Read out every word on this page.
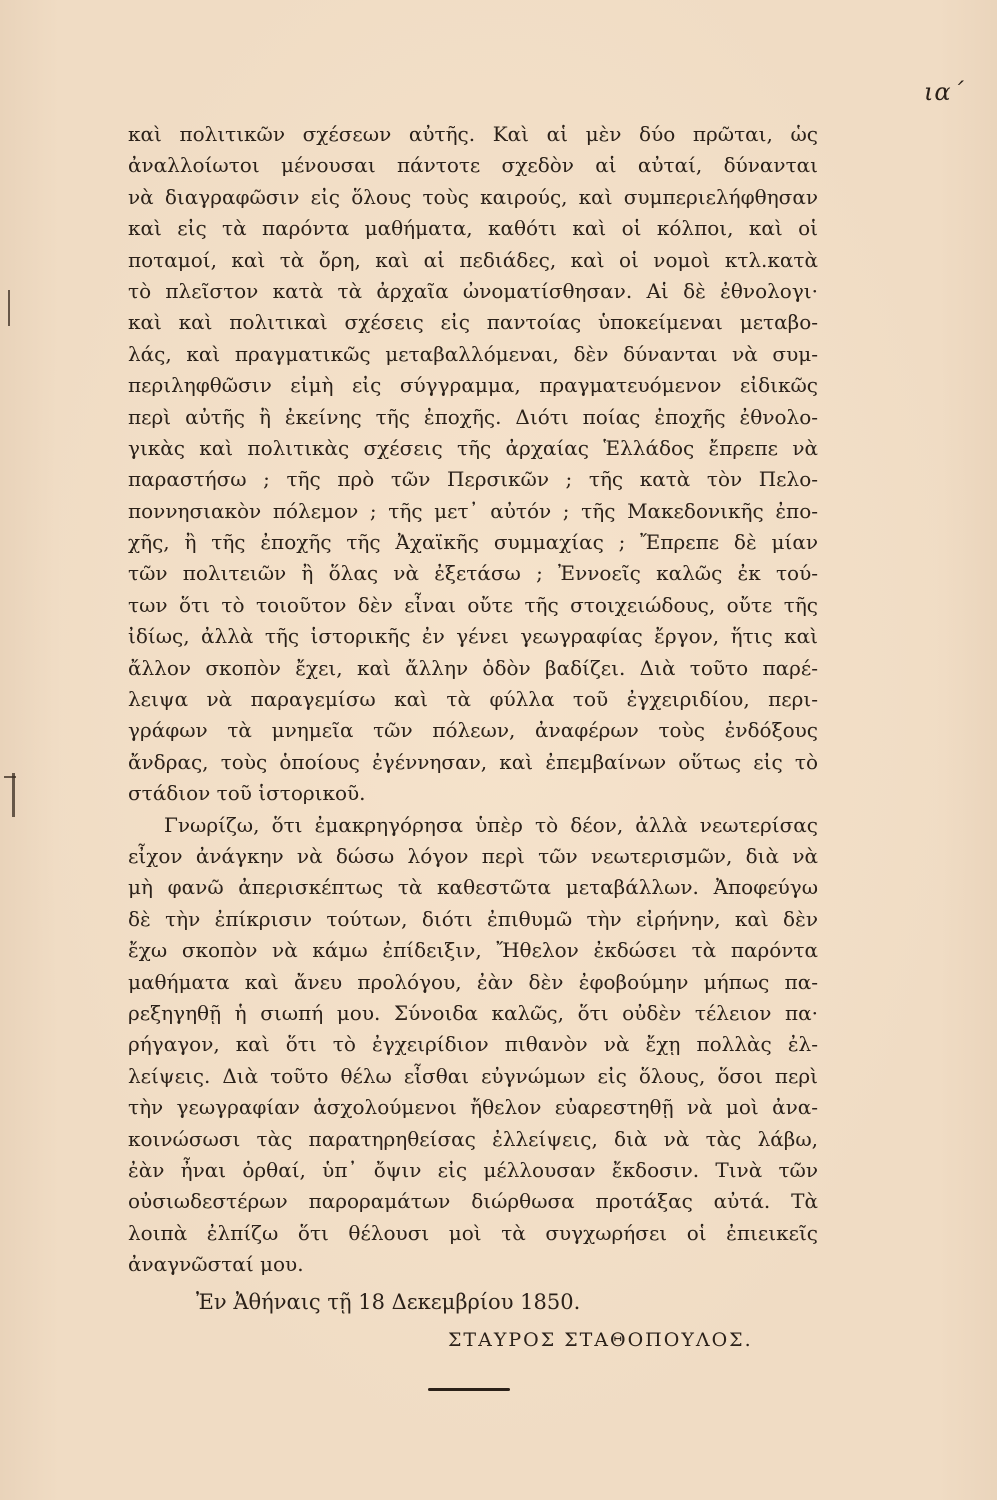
ια΄
καὶ πολιτικῶν σχέσεων αὐτῆς. Καὶ αἱ μὲν δύο πρῶται, ὡς
ἀναλλοίωτοι μένουσαι πάντοτε σχεδὸν αἱ αὐταί, δύνανται
νὰ διαγραφῶσιν εἰς ὅλους τοὺς καιρούς, καὶ συμπεριελήφθησαν
καὶ εἰς τὰ παρόντα μαθήματα, καθότι καὶ οἱ κόλποι, καὶ οἱ
ποταμοί, καὶ τὰ ὄρη, καὶ αἱ πεδιάδες, καὶ οἱ νομοὶ κτλ.κατὰ
τὸ πλεῖστον κατὰ τὰ ἀρχαῖα ὠνοματίσθησαν. Αἱ δὲ ἐθνολογι·
καὶ καὶ πολιτικαὶ σχέσεις εἰς παντοίας ὑποκείμεναι μεταβο-
λάς, καὶ πραγματικῶς μεταβαλλόμεναι, δὲν δύνανται νὰ συμ-
περιληφθῶσιν εἰμὴ εἰς σύγγραμμα, πραγματευόμενον εἰδικῶς
περὶ αὐτῆς ἢ ἐκείνης τῆς ἐποχῆς. Διότι ποίας ἐποχῆς ἐθνολο-
γικὰς καὶ πολιτικὰς σχέσεις τῆς ἀρχαίας Ἑλλάδος ἔπρεπε νὰ
παραστήσω ; τῆς πρὸ τῶν Περσικῶν ; τῆς κατὰ τὸν Πελο-
ποννησιακὸν πόλεμον ; τῆς μετ᾽ αὐτόν ; τῆς Μακεδονικῆς ἐπο-
χῆς, ἢ τῆς ἐποχῆς τῆς Ἀχαϊκῆς συμμαχίας ; Ἔπρεπε δὲ μίαν
τῶν πολιτειῶν ἢ ὅλας νὰ ἐξετάσω ; Ἐννοεῖς καλῶς ἐκ τού-
των ὅτι τὸ τοιοῦτον δὲν εἶναι οὔτε τῆς στοιχειώδους, οὔτε τῆς
ἰδίως, ἀλλὰ τῆς ἱστορικῆς ἐν γένει γεωγραφίας ἔργον, ἥτις καὶ
ἄλλον σκοπὸν ἔχει, καὶ ἄλλην ὁδὸν βαδίζει. Διὰ τοῦτο παρέ-
λειψα νὰ παραγεμίσω καὶ τὰ φύλλα τοῦ ἐγχειριδίου, περι-
γράφων τὰ μνημεῖα τῶν πόλεων, ἀναφέρων τοὺς ἐνδόξους
ἄνδρας, τοὺς ὁποίους ἐγέννησαν, καὶ ἐπεμβαίνων οὕτως εἰς τὸ
στάδιον τοῦ ἱστορικοῦ.
Γνωρίζω, ὅτι ἐμακρηγόρησα ὑπὲρ τὸ δέον, ἀλλὰ νεωτερίσας
εἶχον ἀνάγκην νὰ δώσω λόγον περὶ τῶν νεωτερισμῶν, διὰ νὰ
μὴ φανῶ ἀπερισκέπτως τὰ καθεστῶτα μεταβάλλων. Ἀποφεύγω
δὲ τὴν ἐπίκρισιν τούτων, διότι ἐπιθυμῶ τὴν εἰρήνην, καὶ δὲν
ἔχω σκοπὸν νὰ κάμω ἐπίδειξιν, Ἤθελον ἐκδώσει τὰ παρόντα
μαθήματα καὶ ἄνευ προλόγου, ἐὰν δὲν ἐφοβούμην μήπως πα-
ρεξηγηθῇ ἡ σιωπή μου. Σύνοιδα καλῶς, ὅτι οὐδὲν τέλειον πα·
ρήγαγον, καὶ ὅτι τὸ ἐγχειρίδιον πιθανὸν νὰ ἔχῃ πολλὰς ἐλ-
λείψεις. Διὰ τοῦτο θέλω εἶσθαι εὐγνώμων εἰς ὅλους, ὅσοι περὶ
τὴν γεωγραφίαν ἀσχολούμενοι ἤθελον εὐαρεστηθῇ νὰ μοὶ ἀνα-
κοινώσωσι τὰς παρατηρηθείσας ἐλλείψεις, διὰ νὰ τὰς λάβω,
ἐὰν ἦναι ὀρθαί, ὑπ᾽ ὄψιν εἰς μέλλουσαν ἔκδοσιν. Τινὰ τῶν
οὐσιωδεστέρων παροραμάτων διώρθωσα προτάξας αὐτά. Τὰ
λοιπὰ ἐλπίζω ὅτι θέλουσι μοὶ τὰ συγχωρήσει οἱ ἐπιεικεῖς
ἀναγνῶσταί μου.
Ἐν Ἀθήναις τῇ 18 Δεκεμβρίου 1850.
ΣΤΑΥΡΟΣ ΣΤΑΘΟΠΟΥΛΟΣ.
